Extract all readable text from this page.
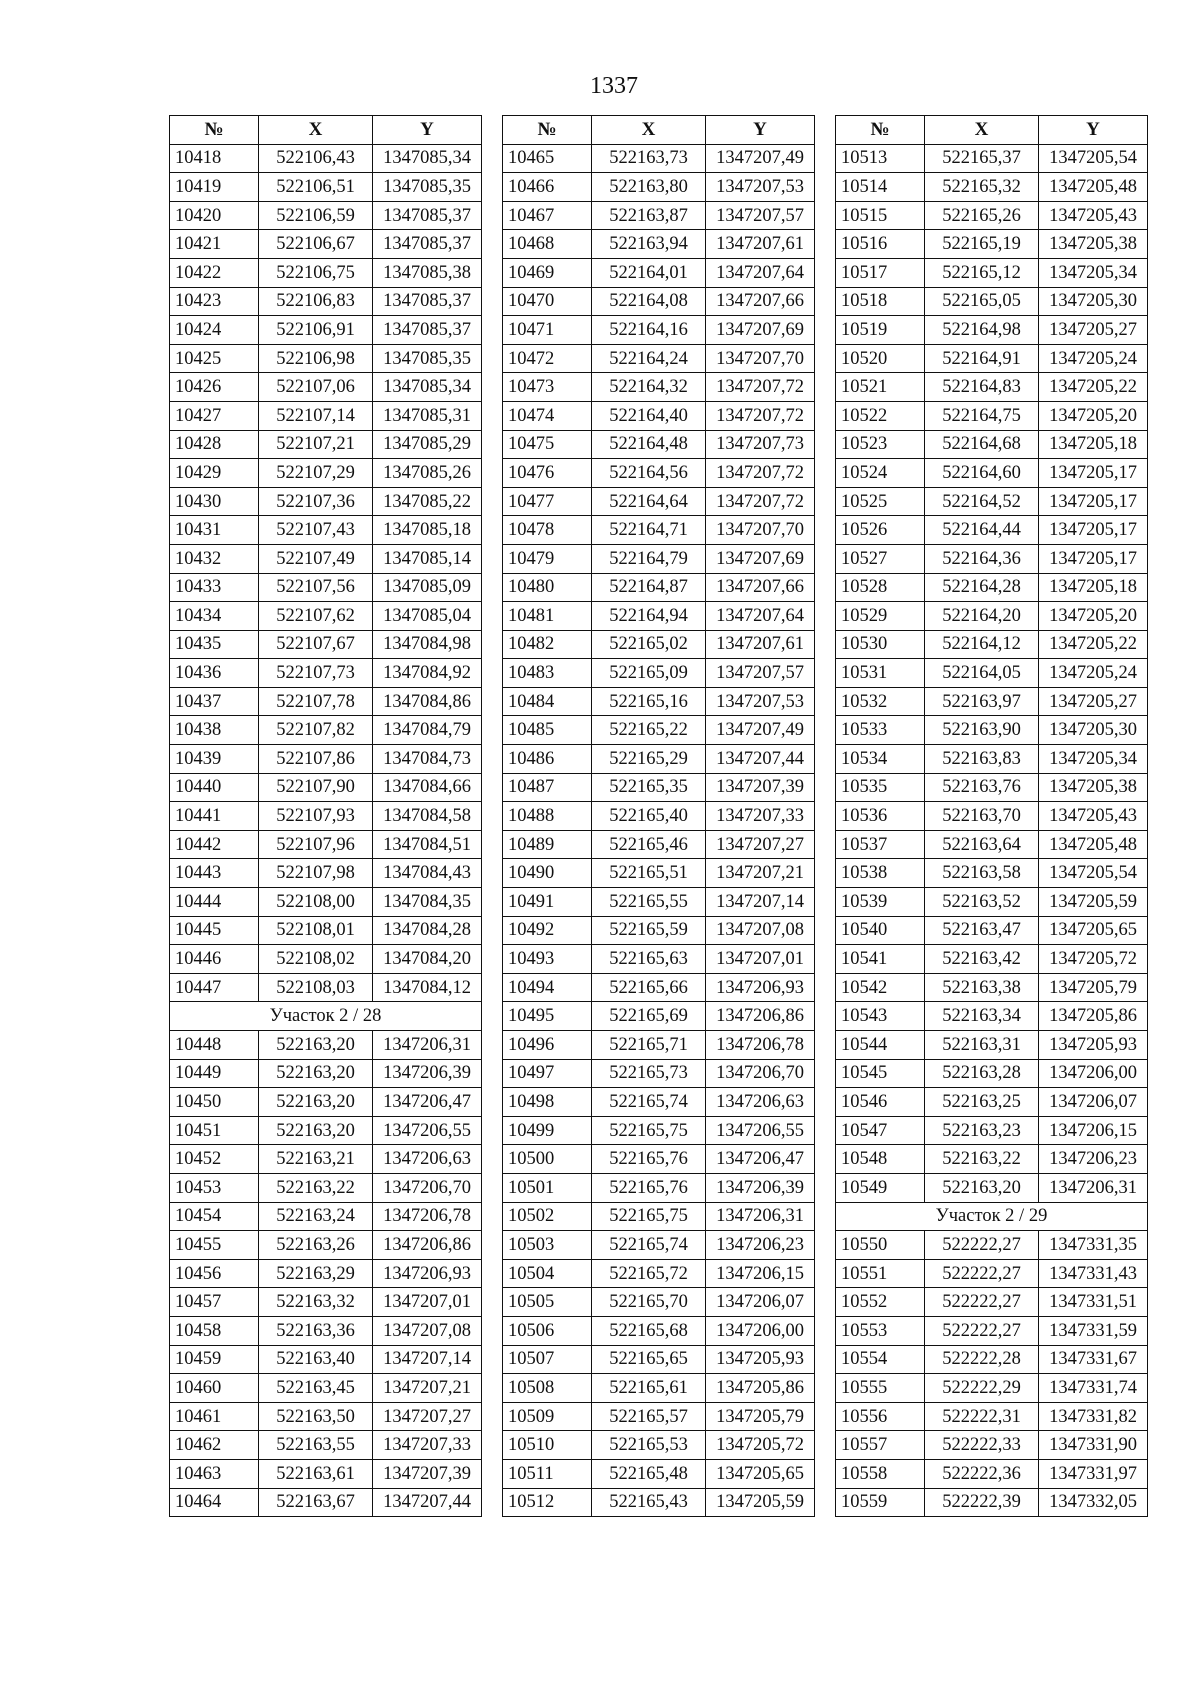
1337
№	X	Y
10418	522106,43	1347085,34
10419	522106,51	1347085,35
10420	522106,59	1347085,37
10421	522106,67	1347085,37
10422	522106,75	1347085,38
10423	522106,83	1347085,37
10424	522106,91	1347085,37
10425	522106,98	1347085,35
10426	522107,06	1347085,34
10427	522107,14	1347085,31
10428	522107,21	1347085,29
10429	522107,29	1347085,26
10430	522107,36	1347085,22
10431	522107,43	1347085,18
10432	522107,49	1347085,14
10433	522107,56	1347085,09
10434	522107,62	1347085,04
10435	522107,67	1347084,98
10436	522107,73	1347084,92
10437	522107,78	1347084,86
10438	522107,82	1347084,79
10439	522107,86	1347084,73
10440	522107,90	1347084,66
10441	522107,93	1347084,58
10442	522107,96	1347084,51
10443	522107,98	1347084,43
10444	522108,00	1347084,35
10445	522108,01	1347084,28
10446	522108,02	1347084,20
10447	522108,03	1347084,12
Участок 2 / 28		
10448	522163,20	1347206,31
10449	522163,20	1347206,39
10450	522163,20	1347206,47
10451	522163,20	1347206,55
10452	522163,21	1347206,63
10453	522163,22	1347206,70
10454	522163,24	1347206,78
10455	522163,26	1347206,86
10456	522163,29	1347206,93
10457	522163,32	1347207,01
10458	522163,36	1347207,08
10459	522163,40	1347207,14
10460	522163,45	1347207,21
10461	522163,50	1347207,27
10462	522163,55	1347207,33
10463	522163,61	1347207,39
10464	522163,67	1347207,44
№	X	Y
10465	522163,73	1347207,49
10466	522163,80	1347207,53
10467	522163,87	1347207,57
10468	522163,94	1347207,61
10469	522164,01	1347207,64
10470	522164,08	1347207,66
10471	522164,16	1347207,69
10472	522164,24	1347207,70
10473	522164,32	1347207,72
10474	522164,40	1347207,72
10475	522164,48	1347207,73
10476	522164,56	1347207,72
10477	522164,64	1347207,72
10478	522164,71	1347207,70
10479	522164,79	1347207,69
10480	522164,87	1347207,66
10481	522164,94	1347207,64
10482	522165,02	1347207,61
10483	522165,09	1347207,57
10484	522165,16	1347207,53
10485	522165,22	1347207,49
10486	522165,29	1347207,44
10487	522165,35	1347207,39
10488	522165,40	1347207,33
10489	522165,46	1347207,27
10490	522165,51	1347207,21
10491	522165,55	1347207,14
10492	522165,59	1347207,08
10493	522165,63	1347207,01
10494	522165,66	1347206,93
10495	522165,69	1347206,86
10496	522165,71	1347206,78
10497	522165,73	1347206,70
10498	522165,74	1347206,63
10499	522165,75	1347206,55
10500	522165,76	1347206,47
10501	522165,76	1347206,39
10502	522165,75	1347206,31
10503	522165,74	1347206,23
10504	522165,72	1347206,15
10505	522165,70	1347206,07
10506	522165,68	1347206,00
10507	522165,65	1347205,93
10508	522165,61	1347205,86
10509	522165,57	1347205,79
10510	522165,53	1347205,72
10511	522165,48	1347205,65
10512	522165,43	1347205,59
№	X	Y
10513	522165,37	1347205,54
10514	522165,32	1347205,48
10515	522165,26	1347205,43
10516	522165,19	1347205,38
10517	522165,12	1347205,34
10518	522165,05	1347205,30
10519	522164,98	1347205,27
10520	522164,91	1347205,24
10521	522164,83	1347205,22
10522	522164,75	1347205,20
10523	522164,68	1347205,18
10524	522164,60	1347205,17
10525	522164,52	1347205,17
10526	522164,44	1347205,17
10527	522164,36	1347205,17
10528	522164,28	1347205,18
10529	522164,20	1347205,20
10530	522164,12	1347205,22
10531	522164,05	1347205,24
10532	522163,97	1347205,27
10533	522163,90	1347205,30
10534	522163,83	1347205,34
10535	522163,76	1347205,38
10536	522163,70	1347205,43
10537	522163,64	1347205,48
10538	522163,58	1347205,54
10539	522163,52	1347205,59
10540	522163,47	1347205,65
10541	522163,42	1347205,72
10542	522163,38	1347205,79
10543	522163,34	1347205,86
10544	522163,31	1347205,93
10545	522163,28	1347206,00
10546	522163,25	1347206,07
10547	522163,23	1347206,15
10548	522163,22	1347206,23
10549	522163,20	1347206,31
Участок 2 / 29		
10550	522222,27	1347331,35
10551	522222,27	1347331,43
10552	522222,27	1347331,51
10553	522222,27	1347331,59
10554	522222,28	1347331,67
10555	522222,29	1347331,74
10556	522222,31	1347331,82
10557	522222,33	1347331,90
10558	522222,36	1347331,97
10559	522222,39	1347332,05
